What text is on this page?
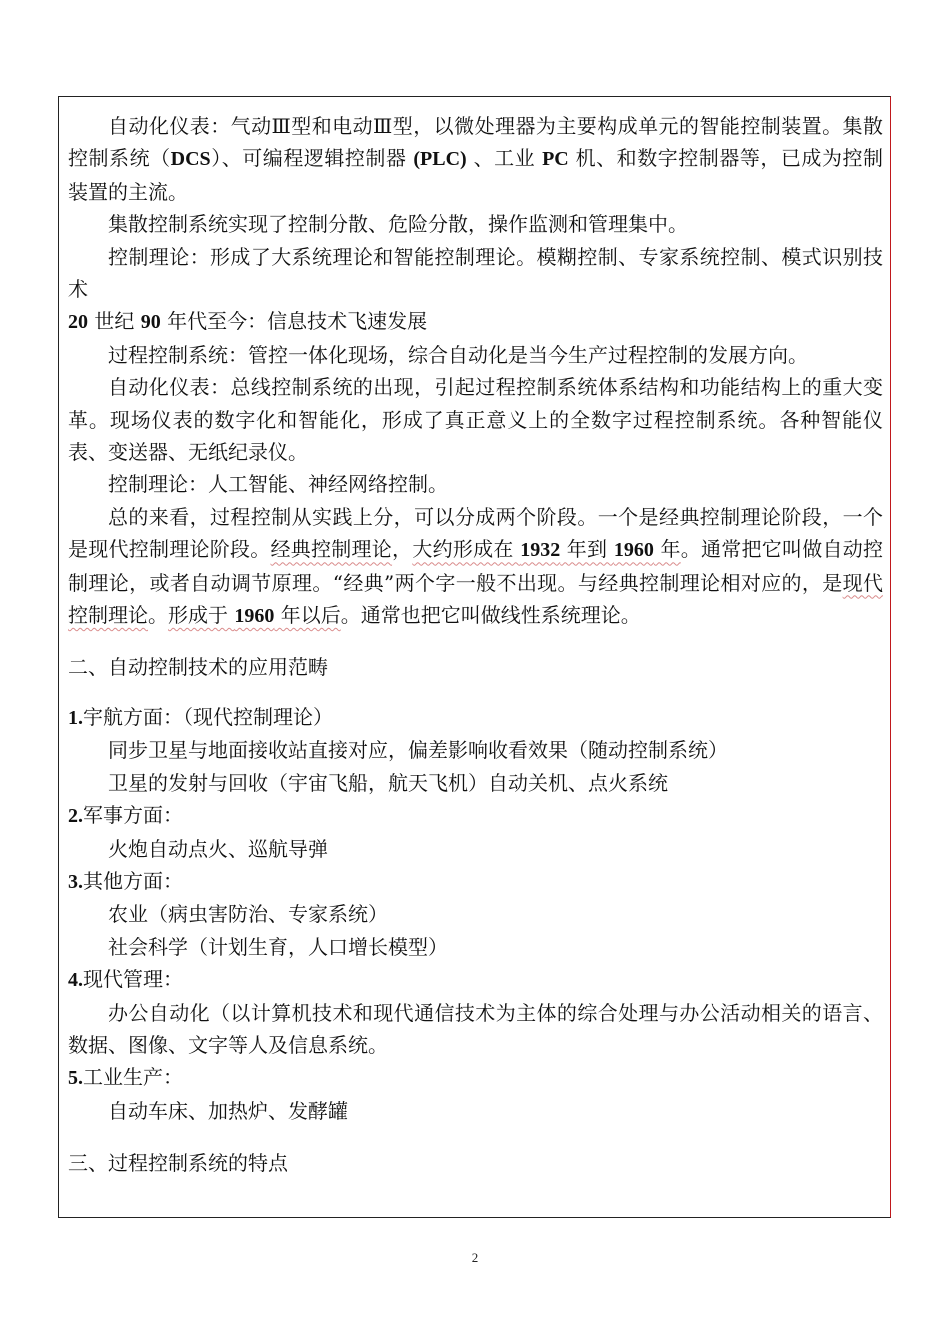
自动化仪表：气动Ⅲ型和电动Ⅲ型，以微处理器为主要构成单元的智能控制装置。集散控制系统（DCS）、可编程逻辑控制器 (PLC) 、工业 PC 机、和数字控制器等，已成为控制装置的主流。

集散控制系统实现了控制分散、危险分散，操作监测和管理集中。

控制理论：形成了大系统理论和智能控制理论。模糊控制、专家系统控制、模式识别技术

20 世纪 90 年代至今：信息技术飞速发展

过程控制系统：管控一体化现场，综合自动化是当今生产过程控制的发展方向。

自动化仪表：总线控制系统的出现，引起过程控制系统体系结构和功能结构上的重大变革。现场仪表的数字化和智能化，形成了真正意义上的全数字过程控制系统。各种智能仪表、变送器、无纸纪录仪。

控制理论：人工智能、神经网络控制。

总的来看，过程控制从实践上分，可以分成两个阶段。一个是经典控制理论阶段，一个是现代控制理论阶段。经典控制理论，大约形成在 1932 年到 1960 年。通常把它叫做自动控制理论，或者自动调节原理。“经典”两个字一般不出现。与经典控制理论相对应的，是现代控制理论。形成于 1960 年以后。通常也把它叫做线性系统理论。

二、自动控制技术的应用范畴

1.宇航方面：（现代控制理论）

同步卫星与地面接收站直接对应，偏差影响收看效果（随动控制系统）

卫星的发射与回收（宇宙飞船，航天飞机）自动关机、点火系统

2.军事方面：

火炮自动点火、巡航导弹

3.其他方面：

农业（病虫害防治、专家系统）

社会科学（计划生育，人口增长模型）

4.现代管理：

办公自动化（以计算机技术和现代通信技术为主体的综合处理与办公活动相关的语言、数据、图像、文字等人及信息系统。

5.工业生产：

自动车床、加热炉、发酵罐

三、过程控制系统的特点

2
